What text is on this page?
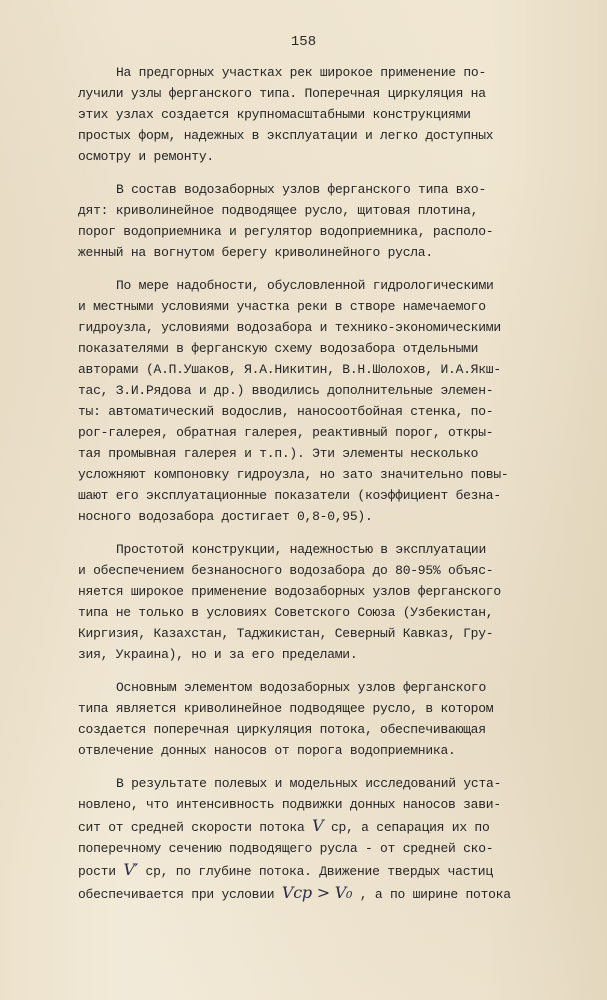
158

На предгорных участках рек широкое применение по-
лучили узлы ферганского типа. Поперечная циркуляция на
этих узлах создается крупномасштабными конструкциями
простых форм, надежных в эксплуатации и легко доступных
осмотру и ремонту.
В состав водозаборных узлов ферганского типа вхо-
дят: криволинейное подводящее русло, щитовая плотина,
порог водоприемника и регулятор водоприемника, располо-
женный на вогнутом берегу криволинейного русла.
По мере надобности, обусловленной гидрологическими
и местными условиями участка реки в створе намечаемого
гидроузла, условиями водозабора и технико-экономическими
показателями в ферганскую схему водозабора отдельными
авторами (А.П.Ушаков, Я.А.Никитин, В.Н.Шолохов, И.А.Якш-
тас, З.И.Рядова и др.) вводились дополнительные элемен-
ты: автоматический водослив, наносоотбойная стенка, по-
рог-галерея, обратная галерея, реактивный порог, откры-
тая промывная галерея и т.п.). Эти элементы несколько
усложняют компоновку гидроузла, но зато значительно повы-
шают его эксплуатационные показатели (коэффициент безна-
носного водозабора достигает 0,8-0,95).
Простотой конструкции, надежностью в эксплуатации
и обеспечением безнаносного водозабора до 80-95% объяс-
няется широкое применение водозаборных узлов ферганского
типа не только в условиях Советского Союза (Узбекистан,
Киргизия, Казахстан, Таджикистан, Северный Кавказ, Гру-
зия, Украина), но и за его пределами.
Основным элементом водозаборных узлов ферганского
типа является криволинейное подводящее русло, в котором
создается поперечная циркуляция потока, обеспечивающая
отвлечение донных наносов от порога водоприемника.
В результате полевых и модельных исследований уста-
новлено, что интенсивность подвижки донных наносов зави-
сит от средней скорости потока V ср, а сепарация их по
поперечному сечению подводящего русла - от средней ско-
рости V′ ср, по глубине потока. Движение твердых частиц
обеспечивается при условии Vср > V₀ , а по ширине потока
